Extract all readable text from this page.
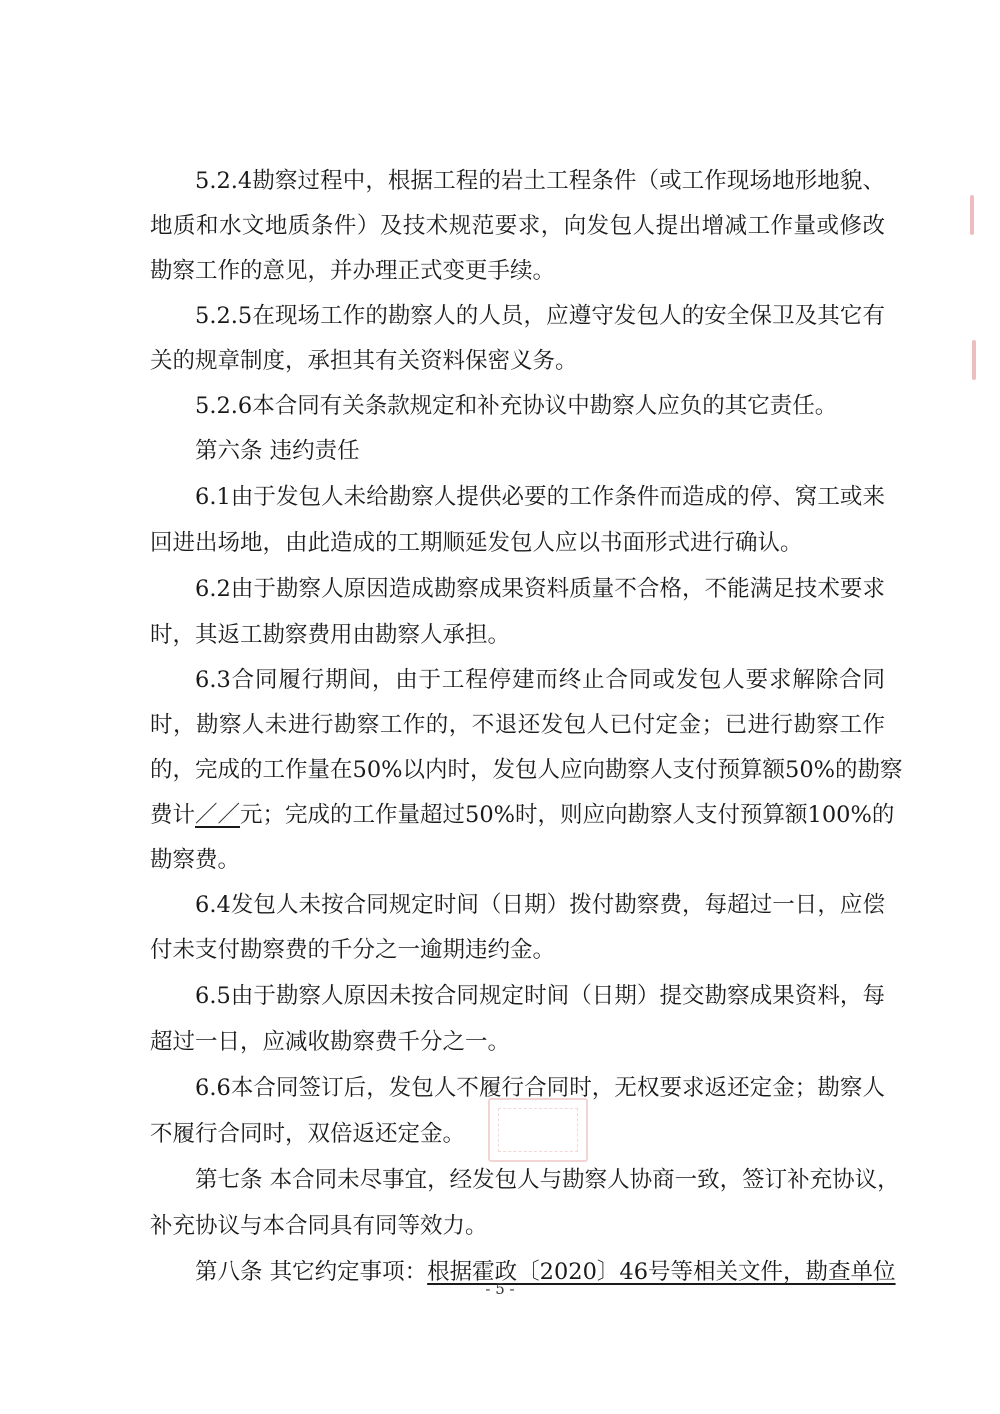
5.2.4勘察过程中，根据工程的岩土工程条件（或工作现场地形地貌、
地质和水文地质条件）及技术规范要求，向发包人提出增减工作量或修改
勘察工作的意见，并办理正式变更手续。
5.2.5在现场工作的勘察人的人员，应遵守发包人的安全保卫及其它有
关的规章制度，承担其有关资料保密义务。
5.2.6本合同有关条款规定和补充协议中勘察人应负的其它责任。
第六条 违约责任
6.1由于发包人未给勘察人提供必要的工作条件而造成的停、窝工或来
回进出场地，由此造成的工期顺延发包人应以书面形式进行确认。
6.2由于勘察人原因造成勘察成果资料质量不合格，不能满足技术要求
时，其返工勘察费用由勘察人承担。
6.3合同履行期间，由于工程停建而终止合同或发包人要求解除合同
时，勘察人未进行勘察工作的，不退还发包人已付定金；已进行勘察工作
的，完成的工作量在50%以内时，发包人应向勘察人支付预算额50%的勘察
费计／／元；完成的工作量超过50%时，则应向勘察人支付预算额100%的
勘察费。
6.4发包人未按合同规定时间（日期）拨付勘察费，每超过一日，应偿
付未支付勘察费的千分之一逾期违约金。
6.5由于勘察人原因未按合同规定时间（日期）提交勘察成果资料，每
超过一日，应减收勘察费千分之一。
6.6本合同签订后，发包人不履行合同时，无权要求返还定金；勘察人
不履行合同时，双倍返还定金。
第七条 本合同未尽事宜，经发包人与勘察人协商一致，签订补充协议，
补充协议与本合同具有同等效力。
第八条 其它约定事项：根据霍政〔2020〕46号等相关文件，勘查单位
- 5 -
